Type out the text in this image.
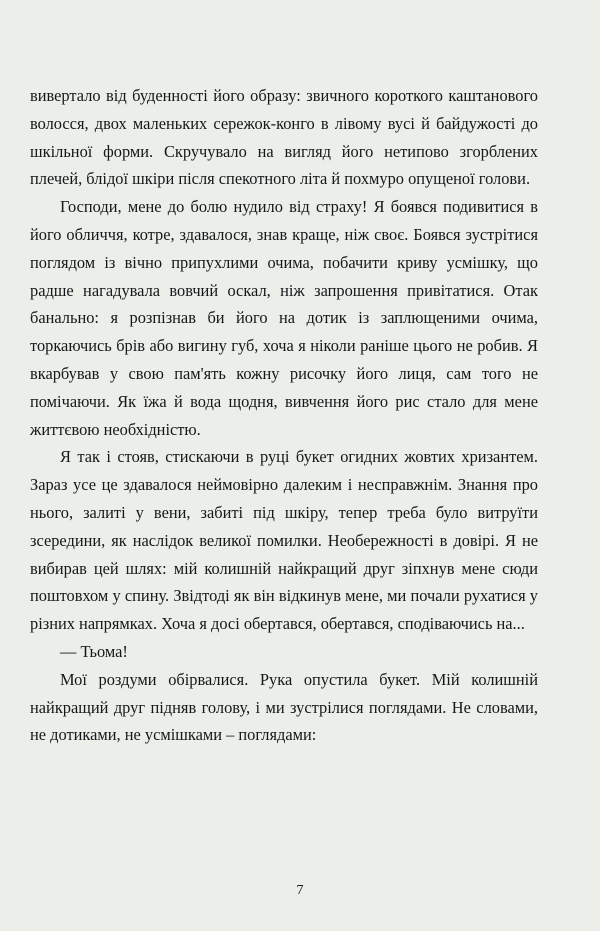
вивертало від буденності його образу: звичного короткого каштанового волосся, двох маленьких сережок-конго в лівому вусі й байдужості до шкільної форми. Скручувало на вигляд його нетипово згорблених плечей, блідої шкіри після спекотного літа й похмуро опущеної голови.

Господи, мене до болю нудило від страху! Я боявся подивитися в його обличчя, котре, здавалося, знав краще, ніж своє. Боявся зустрітися поглядом із вічно припухлими очима, побачити криву усмішку, що радше нагадувала вовчий оскал, ніж запрошення привітатися. Отак банально: я розпізнав би його на дотик із заплющеними очима, торкаючись брів або вигину губ, хоча я ніколи раніше цього не робив. Я вкарбував у свою пам'ять кожну рисочку його лиця, сам того не помічаючи. Як їжа й вода щодня, вивчення його рис стало для мене життєвою необхідністю.

Я так і стояв, стискаючи в руці букет огидних жовтих хризантем. Зараз усе це здавалося неймовірно далеким і несправжнім. Знання про нього, залиті у вени, забиті під шкіру, тепер треба було витруїти зсередини, як наслідок великої помилки. Необережності в довірі. Я не вибирав цей шлях: мій колишній найкращий друг зіпхнув мене сюди поштовхом у спину. Звідтоді як він відкинув мене, ми почали рухатися у різних напрямках. Хоча я досі обертався, обертався, сподіваючись на...

— Тьома!

Мої роздуми обірвалися. Рука опустила букет. Мій колишній найкращий друг підняв голову, і ми зустрілися поглядами. Не словами, не дотиками, не усмішками – поглядами:

7
